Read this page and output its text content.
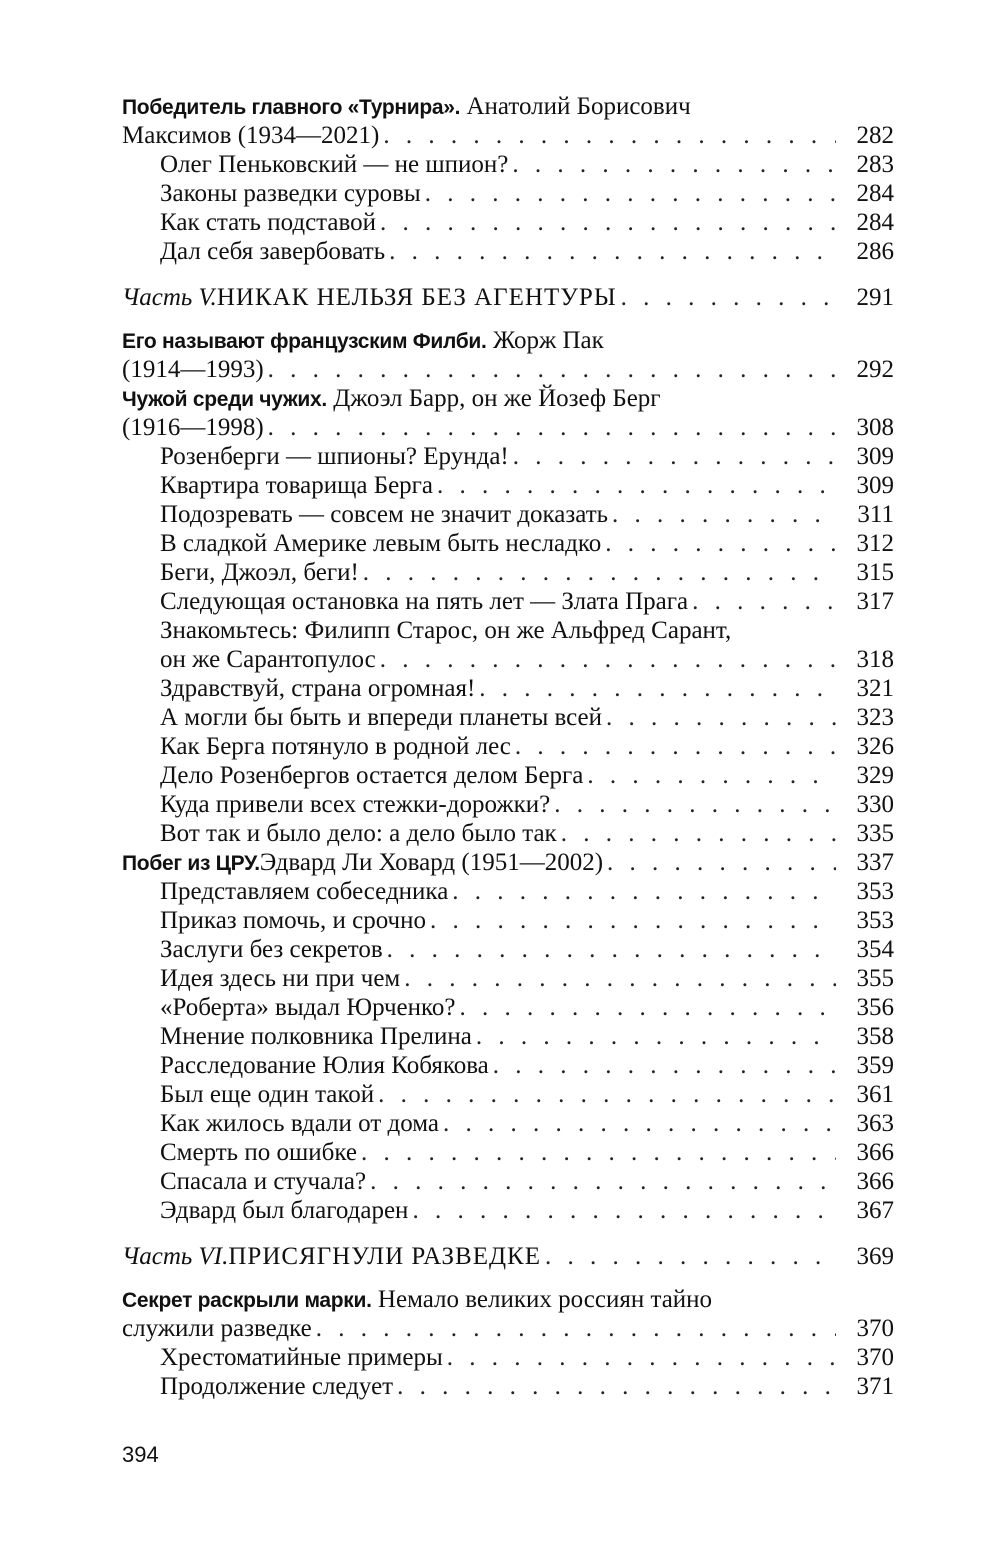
Победитель главного «Турнира». Анатолий Борисович
Максимов (1934—2021) . . .	282
Олег Пеньковский — не шпион? . . .	283
Законы разведки суровы . . .	284
Как стать подставой . . .	284
Дал себя завербовать . . .	286
Часть V. НИКАК НЕЛЬЗЯ БЕЗ АГЕНТУРЫ . . .	291
Его называют французским Филби. Жорж Пак
(1914—1993) . . .	292
Чужой среди чужих. Джоэл Барр, он же Йозеф Берг
(1916—1998) . . .	308
Розенберги — шпионы? Ерунда! . . .	309
Квартира товарища Берга . . .	309
Подозревать — совсем не значит доказать . . .	311
В сладкой Америке левым быть несладко . . .	312
Беги, Джоэл, беги! . . .	315
Следующая остановка на пять лет — Злата Прага . . .	317
Знакомьтесь: Филипп Старос, он же Альфред Сарант,
он же Сарантопулос . . .	318
Здравствуй, страна огромная! . . .	321
А могли бы быть и впереди планеты всей . . .	323
Как Берга потянуло в родной лес . . .	326
Дело Розенбергов остается делом Берга . . .	329
Куда привели всех стежки-дорожки? . . .	330
Вот так и было дело: а дело было так . . .	335
Побег из ЦРУ. Эдвард Ли Ховард (1951—2002) . . .	337
Представляем собеседника . . .	353
Приказ помочь, и срочно . . .	353
Заслуги без секретов . . .	354
Идея здесь ни при чем . . .	355
«Роберта» выдал Юрченко? . . .	356
Мнение полковника Прелина . . .	358
Расследование Юлия Кобякова . . .	359
Был еще один такой . . .	361
Как жилось вдали от дома . . .	363
Смерть по ошибке . . .	366
Спасала и стучала? . . .	366
Эдвард был благодарен . . .	367
Часть VI. ПРИСЯГНУЛИ РАЗВЕДКЕ . . .	369
Секрет раскрыли марки. Немало великих россиян тайно
служили разведке . . .	370
Хрестоматийные примеры . . .	370
Продолжение следует . . .	371
394
